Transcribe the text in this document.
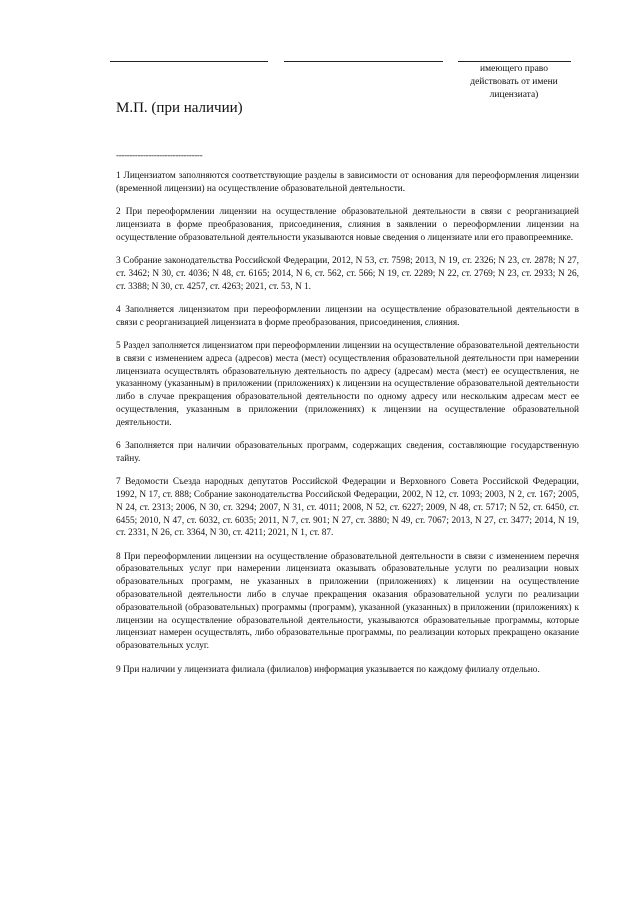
имеющего право
действовать от имени
лицензиата)
М.П. (при наличии)
--------------------------------

1 Лицензиатом заполняются соответствующие разделы в зависимости от основания для переоформления лицензии (временной лицензии) на осуществление образовательной деятельности.

2 При переоформлении лицензии на осуществление образовательной деятельности в связи с реорганизацией лицензиата в форме преобразования, присоединения, слияния в заявлении о переоформлении лицензии на осуществление образовательной деятельности указываются новые сведения о лицензиате или его правопреемнике.

3 Собрание законодательства Российской Федерации, 2012, N 53, ст. 7598; 2013, N 19, ст. 2326; N 23, ст. 2878; N 27, ст. 3462; N 30, ст. 4036; N 48, ст. 6165; 2014, N 6, ст. 562, ст. 566; N 19, ст. 2289; N 22, ст. 2769; N 23, ст. 2933; N 26, ст. 3388; N 30, ст. 4257, ст. 4263; 2021, ст. 53, N 1.

4 Заполняется лицензиатом при переоформлении лицензии на осуществление образовательной деятельности в связи с реорганизацией лицензиата в форме преобразования, присоединения, слияния.

5 Раздел заполняется лицензиатом при переоформлении лицензии на осуществление образовательной деятельности в связи с изменением адреса (адресов) места (мест) осуществления образовательной деятельности при намерении лицензиата осуществлять образовательную деятельность по адресу (адресам) места (мест) ее осуществления, не указанному (указанным) в приложении (приложениях) к лицензии на осуществление образовательной деятельности либо в случае прекращения образовательной деятельности по одному адресу или нескольким адресам мест ее осуществления, указанным в приложении (приложениях) к лицензии на осуществление образовательной деятельности.

6 Заполняется при наличии образовательных программ, содержащих сведения, составляющие государственную тайну.

7 Ведомости Съезда народных депутатов Российской Федерации и Верховного Совета Российской Федерации, 1992, N 17, ст. 888; Собрание законодательства Российской Федерации, 2002, N 12, ст. 1093; 2003, N 2, ст. 167; 2005, N 24, ст. 2313; 2006, N 30, ст. 3294; 2007, N 31, ст. 4011; 2008, N 52, ст. 6227; 2009, N 48, ст. 5717; N 52, ст. 6450, ст. 6455; 2010, N 47, ст. 6032, ст. 6035; 2011, N 7, ст. 901; N 27, ст. 3880; N 49, ст. 7067; 2013, N 27, ст. 3477; 2014, N 19, ст. 2331, N 26, ст. 3364, N 30, ст. 4211; 2021, N 1, ст. 87.

8 При переоформлении лицензии на осуществление образовательной деятельности в связи с изменением перечня образовательных услуг при намерении лицензиата оказывать образовательные услуги по реализации новых образовательных программ, не указанных в приложении (приложениях) к лицензии на осуществление образовательной деятельности либо в случае прекращения оказания образовательной услуги по реализации образовательной (образовательных) программы (программ), указанной (указанных) в приложении (приложениях) к лицензии на осуществление образовательной деятельности, указываются образовательные программы, которые лицензиат намерен осуществлять, либо образовательные программы, по реализации которых прекращено оказание образовательных услуг.

9 При наличии у лицензиата филиала (филиалов) информация указывается по каждому филиалу отдельно.
